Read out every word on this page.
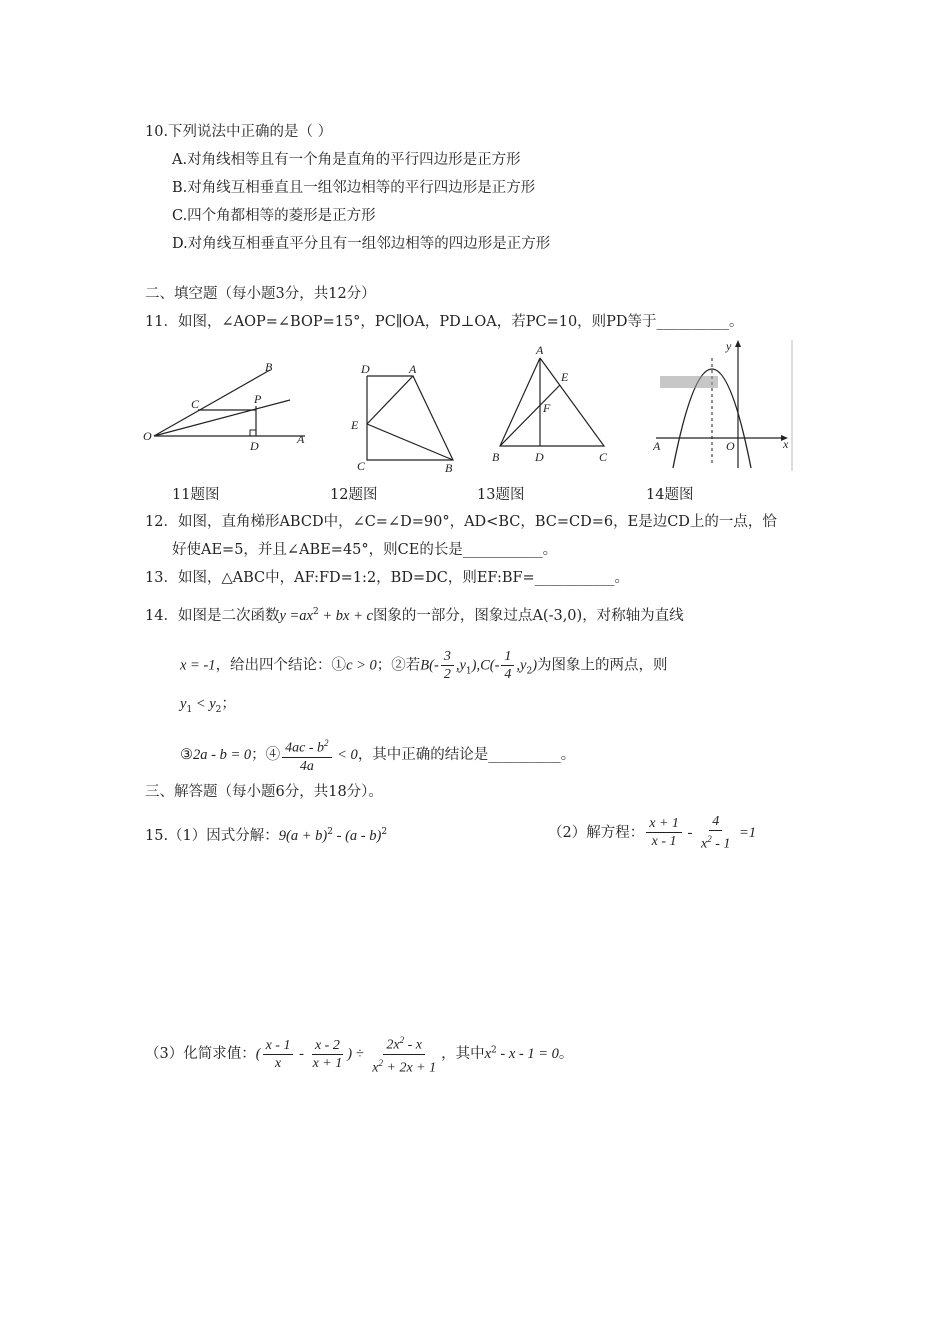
10.下列说法中正确的是（ ）
A.对角线相等且有一个角是直角的平行四边形是正方形
B.对角线互相垂直且一组邻边相等的平行四边形是正方形
C.四个角都相等的菱形是正方形
D.对角线互相垂直平分且有一组邻边相等的四边形是正方形
二、填空题（每小题3分，共12分）
11．如图，∠AOP=∠BOP=15°，PC∥OA，PD⊥OA，若PC=10，则PD等于__________。
B
C	P
O
D	A
D	A
E
C	B
A
E
F
B	D	C
y
A	O	x
11题图	12题图	13题图	14题图
12．如图，直角梯形ABCD中，∠C=∠D=90°，AD<BC，BC=CD=6，E是边CD上的一点，恰
好使AE=5，并且∠ABE=45°，则CE的长是___________。
13．如图，△ABC中，AF:FD=1:2，BD=DC，则EF:BF=___________。
14．如图是二次函数$y =ax^2$ + bx + c图象的一部分，图象过点A(-3,0)，对称轴为直线
x = -1，给出四个结论：①c > 0；②若$B(- \frac{3}{2} ,y_1),C(- \frac{1}{4} ,y_2)$为图象上的两点，则
$y_1 < y_2$；
③2a - b = 0；④ $\frac{4ac - b^2}{4a} < 0$，其中正确的结论是__________。
三、解答题（每小题6分，共18分）。
15.（1）因式分解：$9(a + b)^2 - (a - b)^2$	（2）解方程： $\frac{x + 1}{x - 1} - \frac{4}{x^2 - 1} =1$
（3）化简求值：( $\frac{x - 1}{x} - \frac{x - 2}{x + 1}$ ) ÷ $\frac{2x^2 - x}{x^2 + 2x + 1}$ ，其中$x^2 - x - 1 = 0$。
